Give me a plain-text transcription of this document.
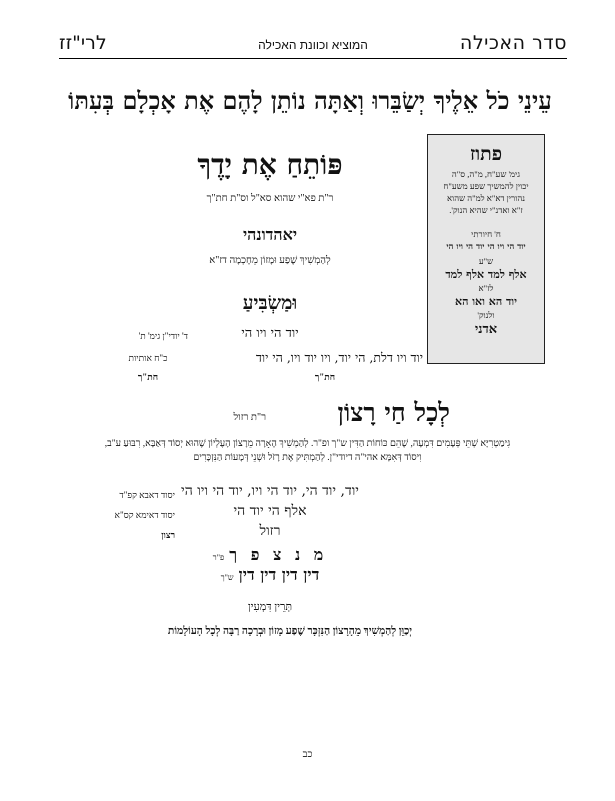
סדר האכילה
המוציא וכוונת האכילה
לרי"זז
עֵינֵי כֹל אֵלֶיךָ יְשַׂבֵּרוּ וְאַתָּה נוֹתֵן לָהֶם אֶת אָכְלָם בְּעִתּוֹ
פתוז
גימ' שע"ח, מ"ה, ס"ה
יכוין להמשיך שפע משע"ח
נהורין דא"א למ"ה שהוא
ז"א ואדנ"י שהיא הנוק'.
ח' חיורתי
יוד הי ויו הי יוד הי ויו הי
ש"ע
אלף למד אלף למד
לז"א
יוד הא ואו הא
ולנוק'
אדני
פּוֹתֵחַ אֶת יָדֶךָ
ר"ת פא"י שהוא סא"ל וס"ת חת"ך
יאהדונהי
לְהַמְשִׁיךְ שֶׁפַע וּמָזוֹן מֵחָכְמָה דז"א
וּמַשְׂבִּיעַ
יוד הי ויו הי
ד' יודי"ן גימ' ת'
יוד ויו דלת, הי יוד, ויו יוד ויו, הי יוד
כ"ח אותיות
חת"ך
חת"ך
לְכָל חַי רָצוֹן
ר"ת רזול
גִּימַטְרִיָּא שְׁתֵּי פְּעָמִים דִּמְעָה, שֶׁהֵם כּוֹחוֹת הַדִּין ש"ך ופ"ר. לְהַמְשִׁיךְ הֶאָרָה מֵרָצוֹן הָעֶלְיוֹן שֶׁהוּא יְסוֹד דְּאַבָּא, רִבּוּעַ ע"ב,
וִיסוֹד דְּאִמָּא אהי"ה דיודי"ן. לְהַמְתִּיק אֶת רָזֹל וּשְׁנֵי דְּמָעוֹת הַנִּזְכָּרִים
יוד, יוד הי, יוד הי ויו, יוד הי ויו הי
יסוד דאבא קפ"ד
אלף הי יוד הי
יסוד דאימא קס"א
רזול
רצון
מ נ צ פ ך פ"ר
דין דין דין דין ש"ך
תְּרֵין דִּמְעִין
יְכַוֵּן לְהַמְשִׁיךְ מֵהָרָצוֹן הַנִּזְכָּר שֶׁפַע מָזוֹן וּבְרָכָה רַבָּה לְכָל הָעוֹלָמוֹת
כב
